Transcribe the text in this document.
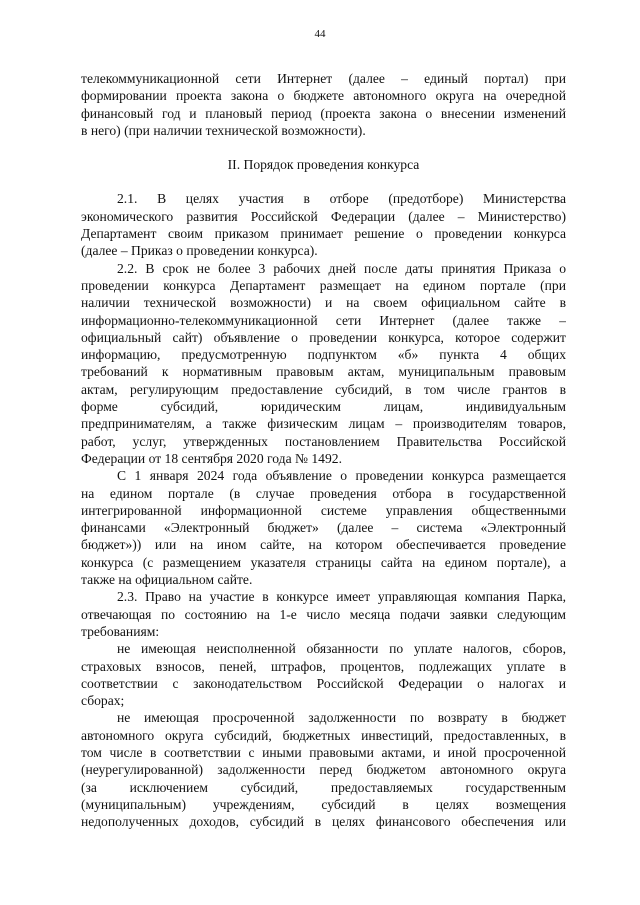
44
телекоммуникационной сети Интернет (далее – единый портал) при
формировании проекта закона о бюджете автономного округа на очередной
финансовый год и плановый период (проекта закона о внесении изменений
в него) (при наличии технической возможности).
II. Порядок проведения конкурса
2.1. В целях участия в отборе (предотборе) Министерства
экономического развития Российской Федерации (далее – Министерство)
Департамент своим приказом принимает решение о проведении конкурса
(далее – Приказ о проведении конкурса).
2.2. В срок не более 3 рабочих дней после даты принятия Приказа о
проведении конкурса Департамент размещает на едином портале (при
наличии технической возможности) и на своем официальном сайте в
информационно-телекоммуникационной сети Интернет (далее также –
официальный сайт) объявление о проведении конкурса, которое содержит
информацию, предусмотренную подпунктом «б» пункта 4 общих
требований к нормативным правовым актам, муниципальным правовым
актам, регулирующим предоставление субсидий, в том числе грантов в
форме субсидий, юридическим лицам, индивидуальным
предпринимателям, а также физическим лицам – производителям товаров,
работ, услуг, утвержденных постановлением Правительства Российской
Федерации от 18 сентября 2020 года № 1492.
С 1 января 2024 года объявление о проведении конкурса размещается
на едином портале (в случае проведения отбора в государственной
интегрированной информационной системе управления общественными
финансами «Электронный бюджет» (далее – система «Электронный
бюджет»)) или на ином сайте, на котором обеспечивается проведение
конкурса (с размещением указателя страницы сайта на едином портале), а
также на официальном сайте.
2.3. Право на участие в конкурсе имеет управляющая компания Парка,
отвечающая по состоянию на 1-е число месяца подачи заявки следующим
требованиям:
не имеющая неисполненной обязанности по уплате налогов, сборов,
страховых взносов, пеней, штрафов, процентов, подлежащих уплате в
соответствии с законодательством Российской Федерации о налогах и
сборах;
не имеющая просроченной задолженности по возврату в бюджет
автономного округа субсидий, бюджетных инвестиций, предоставленных, в
том числе в соответствии с иными правовыми актами, и иной просроченной
(неурегулированной) задолженности перед бюджетом автономного округа
(за исключением субсидий, предоставляемых государственным
(муниципальным) учреждениям, субсидий в целях возмещения
недополученных доходов, субсидий в целях финансового обеспечения или
